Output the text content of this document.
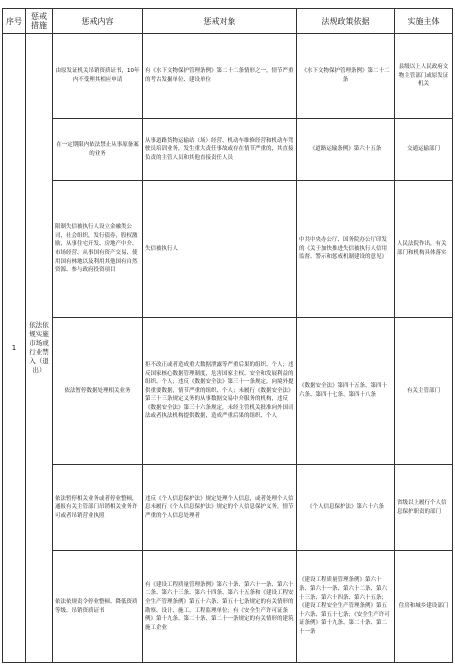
序号	惩戒措施	惩戒内容	惩戒对象	法规政策依据	实施主体
1	依法依规实施市场或行业禁入（退出）	由原发证机关吊销资质证书，10年内不受理其相应申请	有《水下文物保护管理条例》第二十二条情形之一，情节严重的考古发掘单位、建设单位	《水下文物保护管理条例》第二十二条	县级以上人民政府文物主管部门或原发证机关
		在一定期限内依法禁止从事原备案的业务	从事道路货物运输站（场）经营、机动车维修经营和机动车驾驶员培训业务，发生重大责任事故或存在情节严重的，其直接负责的主管人员和其他直接责任人员	《道路运输条例》第六十五条	交通运输部门
		限制失信被执行人设立金融类公司，社会组织，发行债券，股权激励，从事住宅开发、房地产中介、市场经营、从事国有资产交易、使用国有林地以及利用其他国有自然资源、参与政府投资项目	失信被执行人	中共中央办公厅、国务院办公厅印发的《关于加快推进失信被执行人信用监督、警示和惩戒机制建设的意见》	人民法院作出，有关部门和机构具体落实
		依法暂停数据处理相关业务	拒不改正或者造成重大数据泄露等严重后果的组织、个人；违反国家核心数据管理制度，危害国家主权、安全和发展利益的组织、个人；违反《数据安全法》第三十一条规定，向境外提供重要数据，情节严重的组织、个人；未履行《数据安全法》第三十三条规定义务的从事数据交易中介服务的机构，违反《数据安全法》第三十六条规定，未经主管机关批准向外国司法或者执法机构提供数据，造成严重后果的组织、个人	《数据安全法》第四十五条、第四十六条、第四十七条、第四十八条	有关主管部门
		依法暂停相关业务或者停业整顿，通报有关主管部门吊销相关业务许可或者吊销营业执照	违反《个人信息保护法》规定处理个人信息，或者处理个人信息未履行《个人信息保护法》规定的个人信息保护义务，情节严重的个人信息处理者	《个人信息保护法》第六十六条	省级以上履行个人信息保护职责的部门
		依法依规责令停业整顿、降低资质等级、吊销资质证书	有《建设工程质量管理条例》第六十条、第六十一条、第六十二条、第六十三条、第六十四条、第六十五条和《建设工程安全生产管理条例》第五十六条、第五十七条规定的有关情形的勘察、设计、施工、工程监理单位；有《安全生产许可证条例》第十九条、第二十条、第二十一条规定的有关情形的建筑施工企业	《建设工程质量管理条例》第六十条、第六十一条、第六十二条、第六十三条、第六十四条、第六十五条；《建设工程安全生产管理条例》第五十六条、第五十七条；《安全生产许可证条例》第十九条、第二十条、第二十一条	住房和城乡建设部门
